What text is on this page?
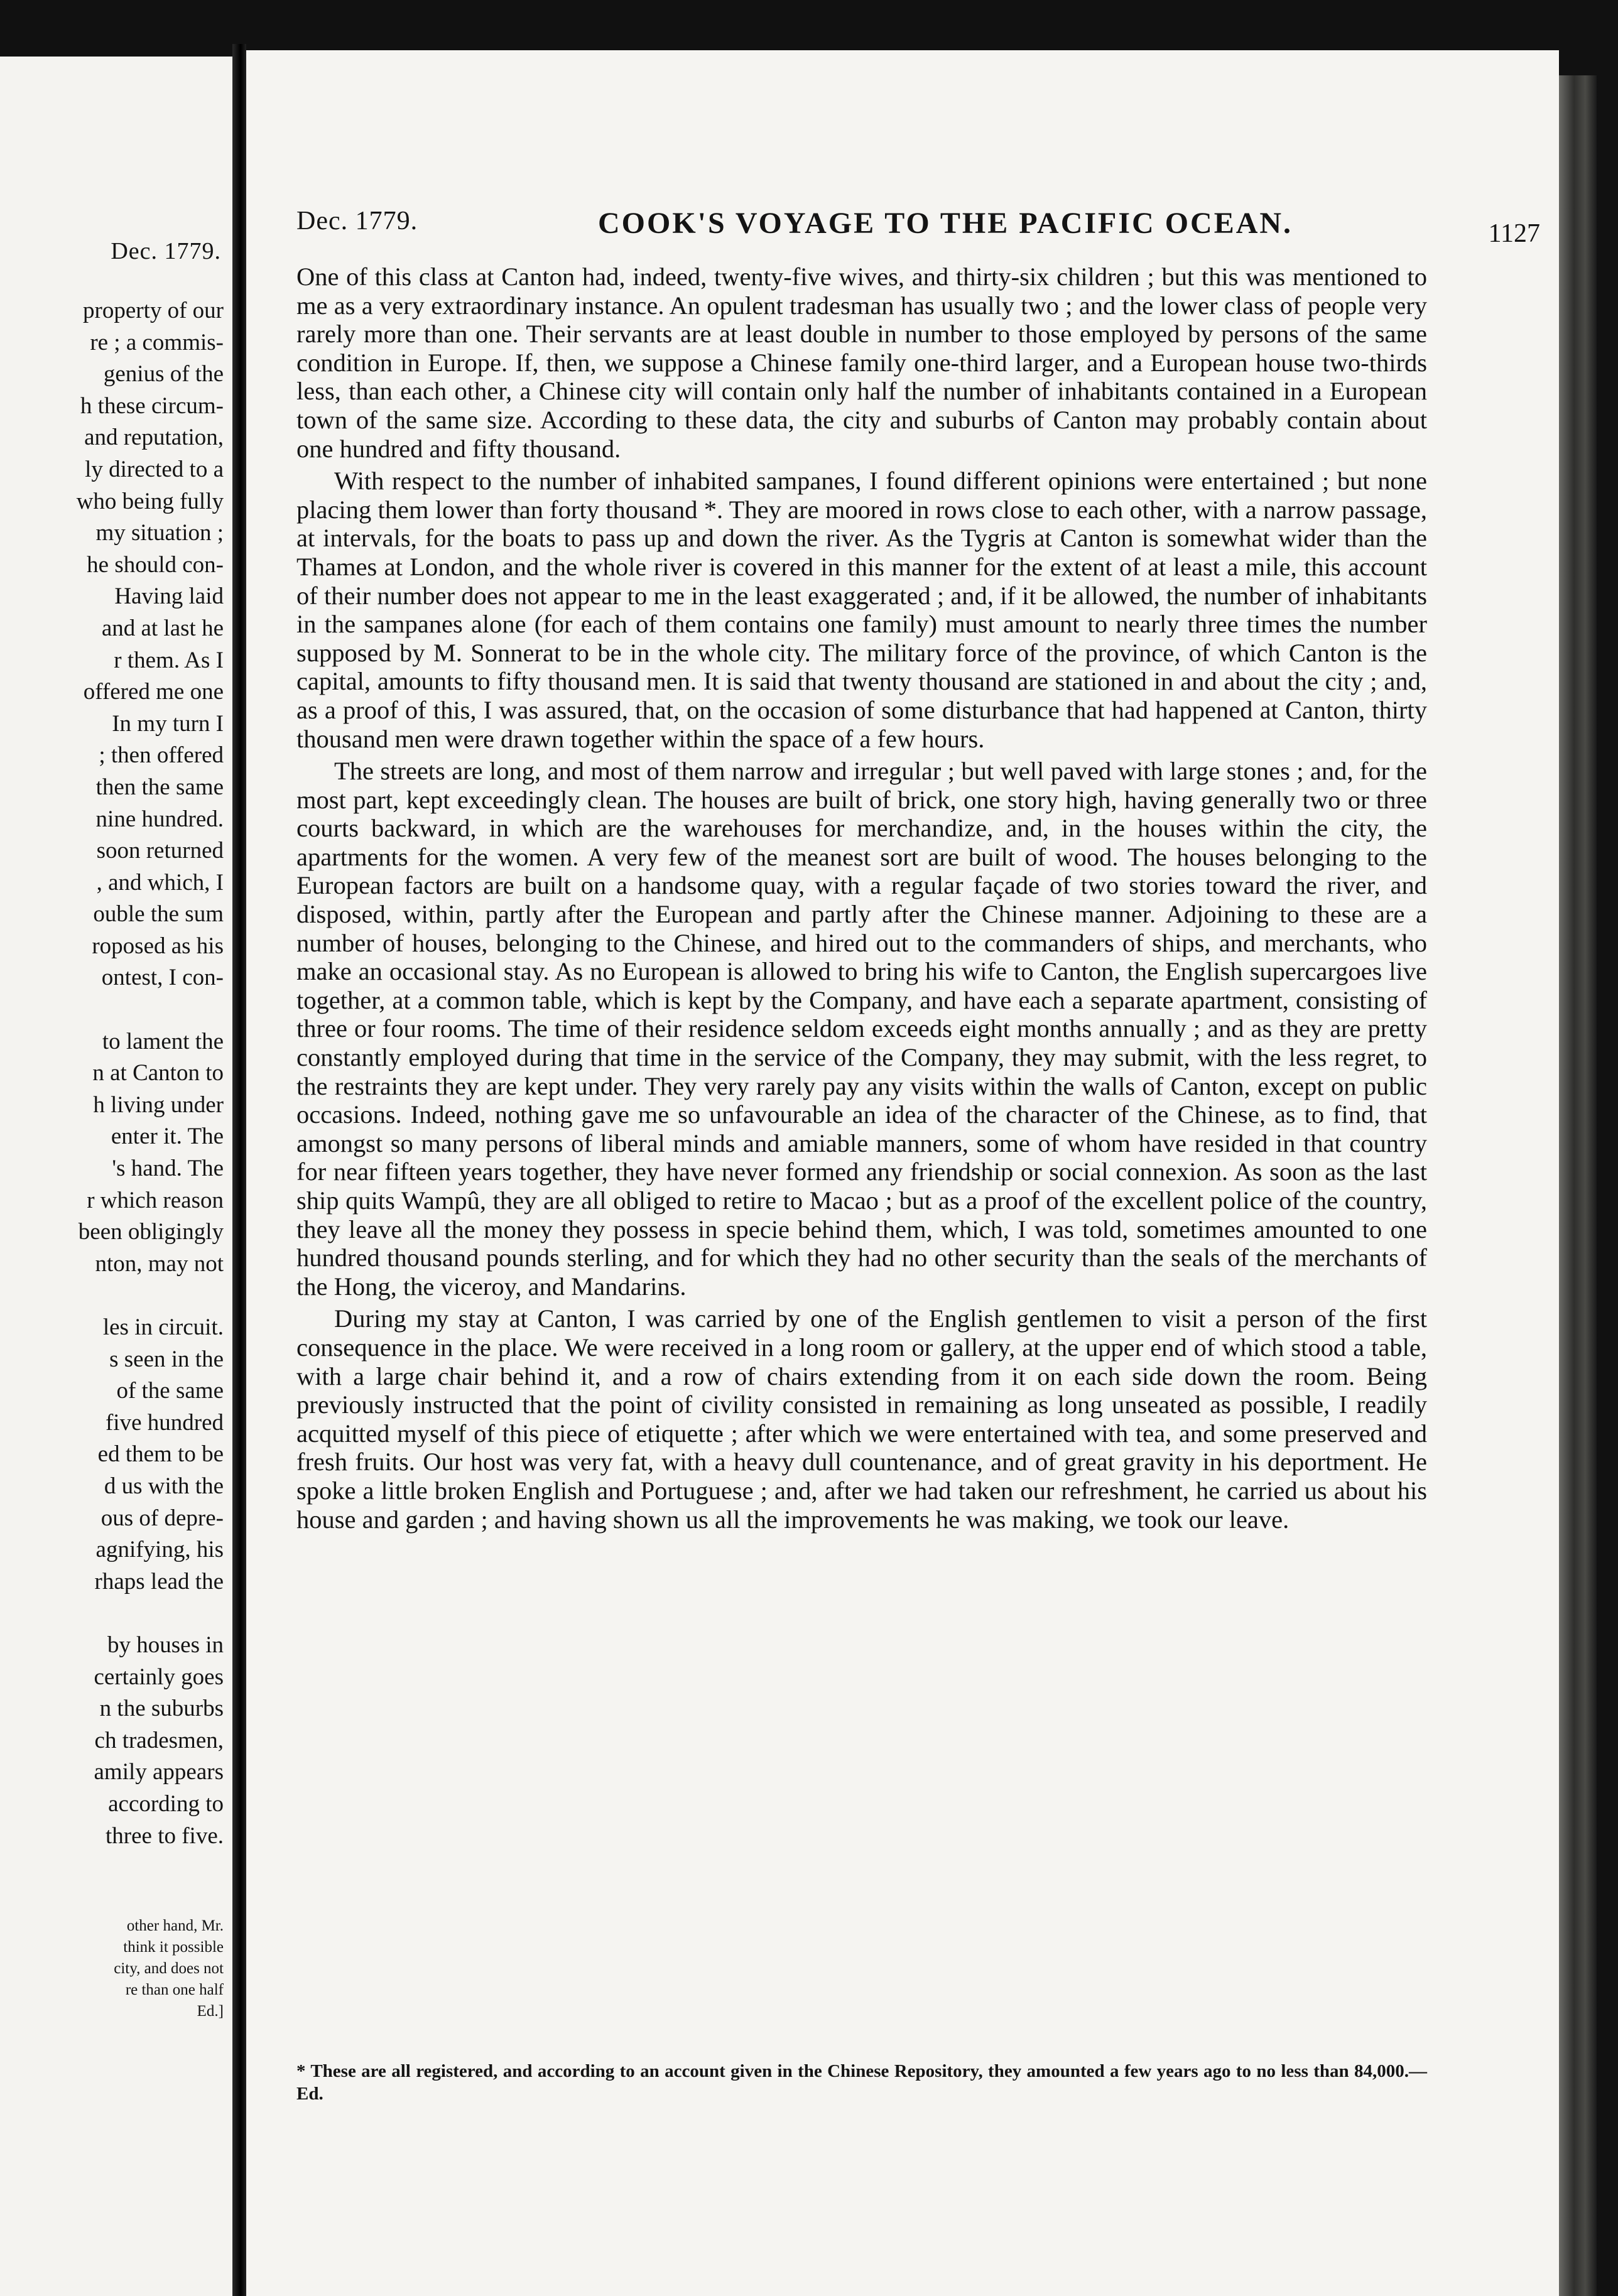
Dec. 1779.
property of our
re ; a commis-
genius of the
h these circum-
and reputation,
ly directed to a
who being fully
my situation ;
he should con-
Having laid
and at last he
r them. As I
offered me one
In my turn I
; then offered
then the same
nine hundred.
soon returned
, and which, I
ouble the sum
roposed as his
ontest, I con-
to lament the
n at Canton to
h living under
enter it. The
's hand. The
r which reason
been obligingly
nton, may not
les in circuit.
s seen in the
of the same
five hundred
ed them to be
d us with the
ous of depre-
agnifying, his
rhaps lead the
by houses in
certainly goes
n the suburbs
ch tradesmen,
amily appears
according to
three to five.
other hand, Mr.
think it possible
city, and does not
re than one half
Ed.]
Dec. 1779.	COOK'S VOYAGE TO THE PACIFIC OCEAN.	1127

One of this class at Canton had, indeed, twenty-five wives, and thirty-six children ; but this was mentioned to me as a very extraordinary instance. An opulent tradesman has usually two ; and the lower class of people very rarely more than one. Their servants are at least double in number to those employed by persons of the same condition in Europe. If, then, we suppose a Chinese family one-third larger, and a European house two-thirds less, than each other, a Chinese city will contain only half the number of inhabitants contained in a European town of the same size. According to these data, the city and suburbs of Canton may probably contain about one hundred and fifty thousand.

With respect to the number of inhabited sampanes, I found different opinions were entertained ; but none placing them lower than forty thousand *. They are moored in rows close to each other, with a narrow passage, at intervals, for the boats to pass up and down the river. As the Tygris at Canton is somewhat wider than the Thames at London, and the whole river is covered in this manner for the extent of at least a mile, this account of their number does not appear to me in the least exaggerated ; and, if it be allowed, the number of inhabitants in the sampanes alone (for each of them contains one family) must amount to nearly three times the number supposed by M. Sonnerat to be in the whole city. The military force of the province, of which Canton is the capital, amounts to fifty thousand men. It is said that twenty thousand are stationed in and about the city ; and, as a proof of this, I was assured, that, on the occasion of some disturbance that had happened at Canton, thirty thousand men were drawn together within the space of a few hours.

The streets are long, and most of them narrow and irregular ; but well paved with large stones ; and, for the most part, kept exceedingly clean. The houses are built of brick, one story high, having generally two or three courts backward, in which are the warehouses for merchandize, and, in the houses within the city, the apartments for the women. A very few of the meanest sort are built of wood. The houses belonging to the European factors are built on a handsome quay, with a regular façade of two stories toward the river, and disposed, within, partly after the European and partly after the Chinese manner. Adjoining to these are a number of houses, belonging to the Chinese, and hired out to the commanders of ships, and merchants, who make an occasional stay. As no European is allowed to bring his wife to Canton, the English supercargoes live together, at a common table, which is kept by the Company, and have each a separate apartment, consisting of three or four rooms. The time of their residence seldom exceeds eight months annually ; and as they are pretty constantly employed during that time in the service of the Company, they may submit, with the less regret, to the restraints they are kept under. They very rarely pay any visits within the walls of Canton, except on public occasions. Indeed, nothing gave me so unfavourable an idea of the character of the Chinese, as to find, that amongst so many persons of liberal minds and amiable manners, some of whom have resided in that country for near fifteen years together, they have never formed any friendship or social connexion. As soon as the last ship quits Wampû, they are all obliged to retire to Macao ; but as a proof of the excellent police of the country, they leave all the money they possess in specie behind them, which, I was told, sometimes amounted to one hundred thousand pounds sterling, and for which they had no other security than the seals of the merchants of the Hong, the viceroy, and Mandarins.

During my stay at Canton, I was carried by one of the English gentlemen to visit a person of the first consequence in the place. We were received in a long room or gallery, at the upper end of which stood a table, with a large chair behind it, and a row of chairs extending from it on each side down the room. Being previously instructed that the point of civility consisted in remaining as long unseated as possible, I readily acquitted myself of this piece of etiquette ; after which we were entertained with tea, and some preserved and fresh fruits. Our host was very fat, with a heavy dull countenance, and of great gravity in his deportment. He spoke a little broken English and Portuguese ; and, after we had taken our refreshment, he carried us about his house and garden ; and having shown us all the improvements he was making, we took our leave.

* These are all registered, and according to an account given in the Chinese Repository, they amounted a few years ago to no less than 84,000.—Ed.
